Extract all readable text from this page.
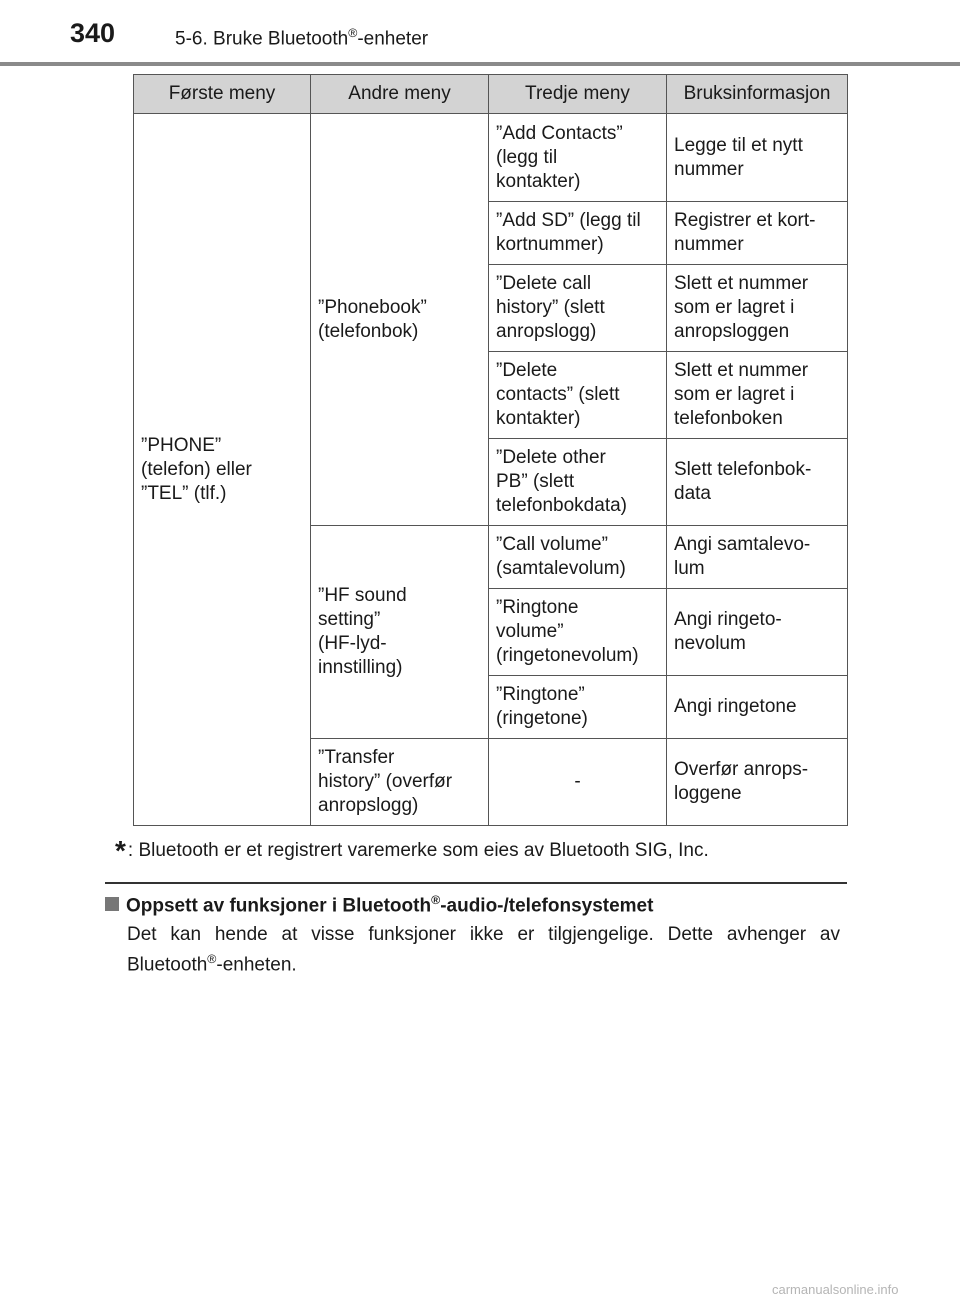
340	5-6. Bruke Bluetooth®-enheter
Første meny	Andre meny	Tredje meny	Bruksinformasjon

”PHONE”
(telefon) eller
”TEL” (tlf.)	”Phonebook”
(telefonbok)	”Add Contacts”
(legg til
kontakter)	Legge til et nytt
nummer

		”Add SD” (legg til
kortnummer)	Registrer et kort-
nummer

		”Delete call
history” (slett
anropslogg)	Slett et nummer
som er lagret i
anropsloggen

		”Delete
contacts” (slett
kontakter)	Slett et nummer
som er lagret i
telefonboken

		”Delete other
PB” (slett
telefonbokdata)	Slett telefonbok-
data

	”HF sound
setting”
(HF-lyd-
innstilling)	”Call volume”
(samtalevolum)	Angi samtalevo-
lum

		”Ringtone
volume”
(ringetonevolum)	Angi ringeto-
nevolum

		”Ringtone”
(ringetone)	Angi ringetone

	”Transfer
history” (overfør
anropslogg)	-	Overfør anrops-
loggene
* : Bluetooth er et registrert varemerke som eies av Bluetooth SIG, Inc.
Oppsett av funksjoner i Bluetooth®-audio-/telefonsystemet
Det kan hende at visse funksjoner ikke er tilgjengelige. Dette avhenger av Bluetooth®-enheten.
carmanualsonline.info
